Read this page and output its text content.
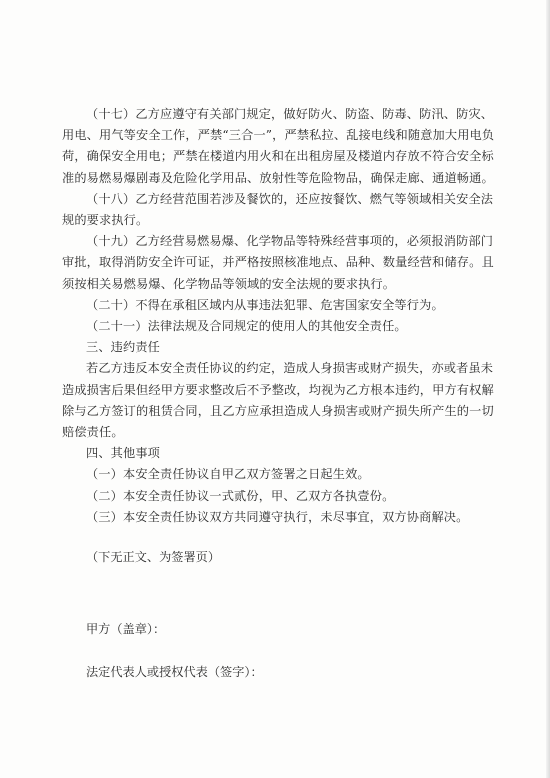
（十七）乙方应遵守有关部门规定，做好防火、防盗、防毒、防汛、防灾、用电、用气等安全工作，严禁“三合一”，严禁私拉、乱接电线和随意加大用电负荷，确保安全用电；严禁在楼道内用火和在出租房屋及楼道内存放不符合安全标准的易燃易爆剧毒及危险化学用品、放射性等危险物品，确保走廊、通道畅通。

（十八）乙方经营范围若涉及餐饮的，还应按餐饮、燃气等领域相关安全法规的要求执行。

（十九）乙方经营易燃易爆、化学物品等特殊经营事项的，必须报消防部门审批，取得消防安全许可证，并严格按照核准地点、品种、数量经营和储存。且须按相关易燃易爆、化学物品等领域的安全法规的要求执行。

（二十）不得在承租区域内从事违法犯罪、危害国家安全等行为。

（二十一）法律法规及合同规定的使用人的其他安全责任。

三、违约责任

若乙方违反本安全责任协议的约定，造成人身损害或财产损失，亦或者虽未造成损害后果但经甲方要求整改后不予整改，均视为乙方根本违约，甲方有权解除与乙方签订的租赁合同，且乙方应承担造成人身损害或财产损失所产生的一切赔偿责任。

四、其他事项

（一）本安全责任协议自甲乙双方签署之日起生效。

（二）本安全责任协议一式贰份，甲、乙双方各执壹份。

（三）本安全责任协议双方共同遵守执行，未尽事宜，双方协商解决。

（下无正文、为签署页）
甲方（盖章）：
法定代表人或授权代表（签字）：
